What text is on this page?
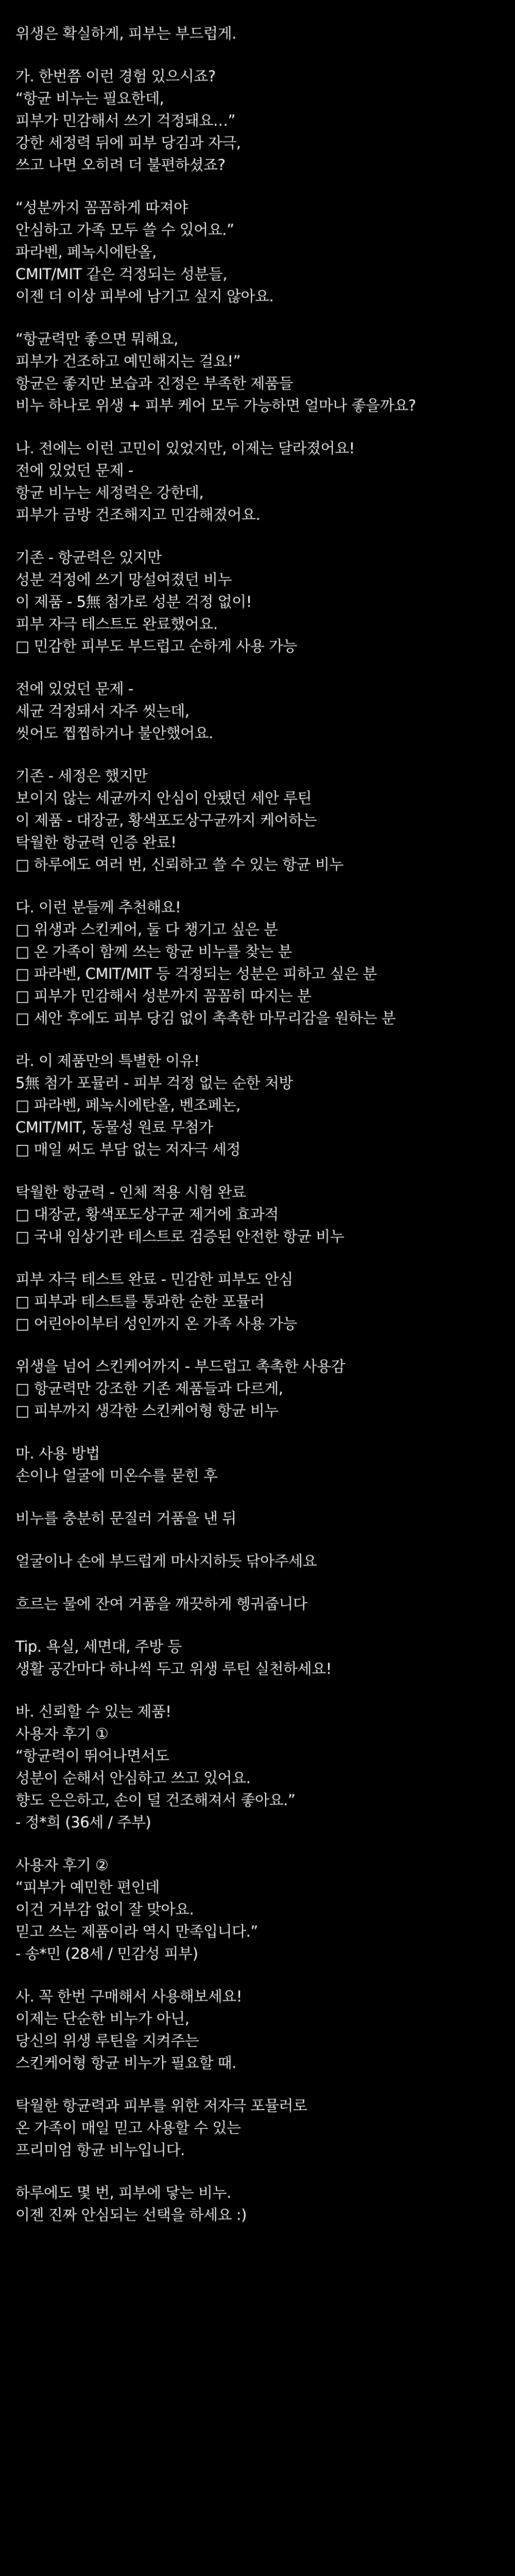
위생은 확실하게, 피부는 부드럽게.
가. 한번쯤 이런 경험 있으시죠?
“항균 비누는 필요한데,
피부가 민감해서 쓰기 걱정돼요…”
강한 세정력 뒤에 피부 당김과 자극,
쓰고 나면 오히려 더 불편하셨죠?
“성분까지 꼼꼼하게 따져야
안심하고 가족 모두 쓸 수 있어요.”
파라벤, 페녹시에탄올,
CMIT/MIT 같은 걱정되는 성분들,
이젠 더 이상 피부에 남기고 싶지 않아요.
“항균력만 좋으면 뭐해요,
피부가 건조하고 예민해지는 걸요!”
항균은 좋지만 보습과 진정은 부족한 제품들
비누 하나로 위생 + 피부 케어 모두 가능하면 얼마나 좋을까요?
나. 전에는 이런 고민이 있었지만, 이제는 달라졌어요!
전에 있었던 문제 -
항균 비누는 세정력은 강한데,
피부가 금방 건조해지고 민감해졌어요.
기존 - 항균력은 있지만
성분 걱정에 쓰기 망설여졌던 비누
이 제품 - 5無 첨가로 성분 걱정 없이!
피부 자극 테스트도 완료했어요.
□ 민감한 피부도 부드럽고 순하게 사용 가능
전에 있었던 문제 -
세균 걱정돼서 자주 씻는데,
씻어도 찝찝하거나 불안했어요.
기존 - 세정은 했지만
보이지 않는 세균까지 안심이 안됐던 세안 루틴
이 제품 - 대장균, 황색포도상구균까지 케어하는
탁월한 항균력 인증 완료!
□ 하루에도 여러 번, 신뢰하고 쓸 수 있는 항균 비누
다. 이런 분들께 추천해요!
□ 위생과 스킨케어, 둘 다 챙기고 싶은 분
□ 온 가족이 함께 쓰는 항균 비누를 찾는 분
□ 파라벤, CMIT/MIT 등 걱정되는 성분은 피하고 싶은 분
□ 피부가 민감해서 성분까지 꼼꼼히 따지는 분
□ 세안 후에도 피부 당김 없이 촉촉한 마무리감을 원하는 분
라. 이 제품만의 특별한 이유!
5無 첨가 포뮬러 - 피부 걱정 없는 순한 처방
□ 파라벤, 페녹시에탄올, 벤조페논,
CMIT/MIT, 동물성 원료 무첨가
□ 매일 써도 부담 없는 저자극 세정
탁월한 항균력 - 인체 적용 시험 완료
□ 대장균, 황색포도상구균 제거에 효과적
□ 국내 임상기관 테스트로 검증된 안전한 항균 비누
피부 자극 테스트 완료 - 민감한 피부도 안심
□ 피부과 테스트를 통과한 순한 포뮬러
□ 어린아이부터 성인까지 온 가족 사용 가능
위생을 넘어 스킨케어까지 - 부드럽고 촉촉한 사용감
□ 항균력만 강조한 기존 제품들과 다르게,
□ 피부까지 생각한 스킨케어형 항균 비누
마. 사용 방법
손이나 얼굴에 미온수를 묻힌 후
비누를 충분히 문질러 거품을 낸 뒤
얼굴이나 손에 부드럽게 마사지하듯 닦아주세요
흐르는 물에 잔여 거품을 깨끗하게 헹궈줍니다
Tip. 욕실, 세면대, 주방 등
생활 공간마다 하나씩 두고 위생 루틴 실천하세요!
바. 신뢰할 수 있는 제품!
사용자 후기 ①
“항균력이 뛰어나면서도
성분이 순해서 안심하고 쓰고 있어요.
향도 은은하고, 손이 덜 건조해져서 좋아요.”
- 정*희 (36세 / 주부)
사용자 후기 ②
“피부가 예민한 편인데
이건 거부감 없이 잘 맞아요.
믿고 쓰는 제품이라 역시 만족입니다.”
- 송*민 (28세 / 민감성 피부)
사. 꼭 한번 구매해서 사용해보세요!
이제는 단순한 비누가 아닌,
당신의 위생 루틴을 지켜주는
스킨케어형 항균 비누가 필요할 때.
탁월한 항균력과 피부를 위한 저자극 포뮬러로
온 가족이 매일 믿고 사용할 수 있는
프리미엄 항균 비누입니다.
하루에도 몇 번, 피부에 닿는 비누.
이젠 진짜 안심되는 선택을 하세요 :)
